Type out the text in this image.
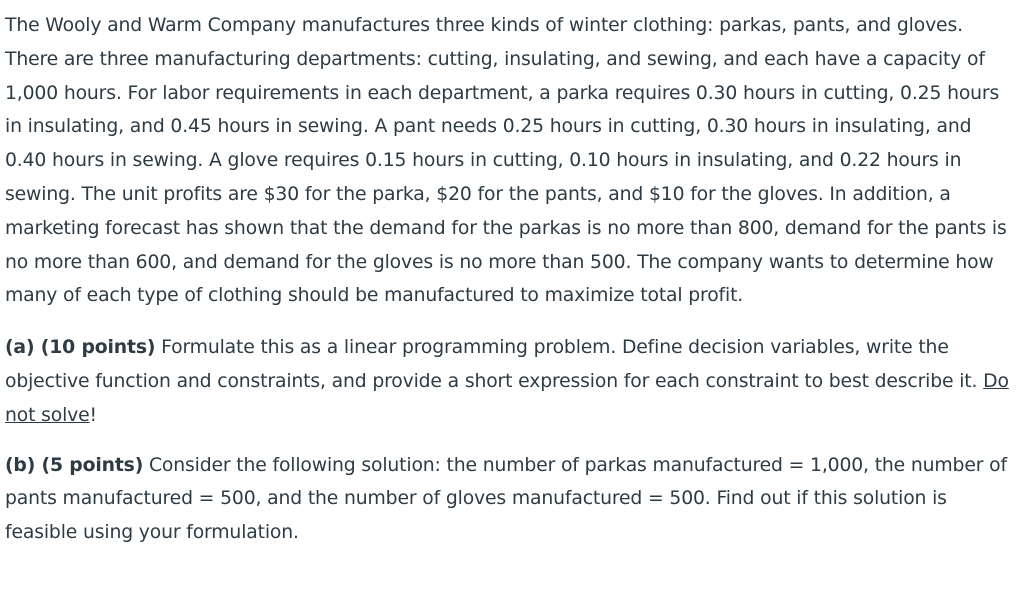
The Wooly and Warm Company manufactures three kinds of winter clothing: parkas, pants, and gloves. There are three manufacturing departments: cutting, insulating, and sewing, and each have a capacity of 1,000 hours. For labor requirements in each department, a parka requires 0.30 hours in cutting, 0.25 hours in insulating, and 0.45 hours in sewing. A pant needs 0.25 hours in cutting, 0.30 hours in insulating, and 0.40 hours in sewing. A glove requires 0.15 hours in cutting, 0.10 hours in insulating, and 0.22 hours in sewing. The unit profits are $30 for the parka, $20 for the pants, and $10 for the gloves. In addition, a marketing forecast has shown that the demand for the parkas is no more than 800, demand for the pants is no more than 600, and demand for the gloves is no more than 500. The company wants to determine how many of each type of clothing should be manufactured to maximize total profit.

(a) (10 points) Formulate this as a linear programming problem. Define decision variables, write the objective function and constraints, and provide a short expression for each constraint to best describe it. Do not solve!

(b) (5 points) Consider the following solution: the number of parkas manufactured = 1,000, the number of pants manufactured = 500, and the number of gloves manufactured = 500. Find out if this solution is feasible using your formulation.
